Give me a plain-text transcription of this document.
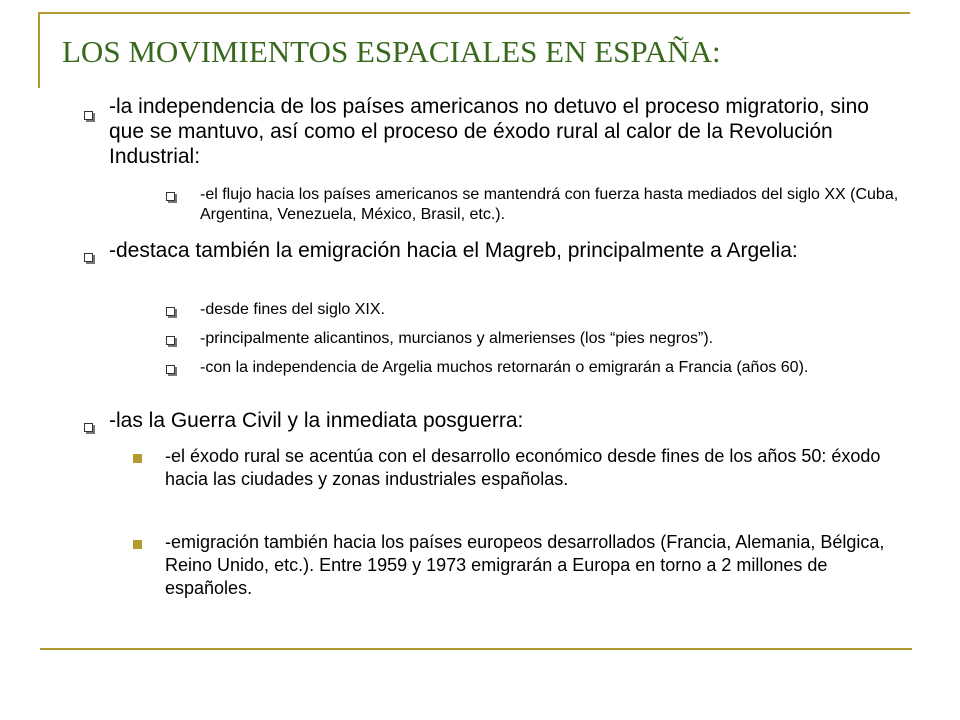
LOS MOVIMIENTOS ESPACIALES EN ESPAÑA:
-la independencia de los países americanos no detuvo el proceso migratorio, sino que se mantuvo, así como el proceso de éxodo rural al calor de la Revolución Industrial:
-el flujo hacia los países americanos se mantendrá con fuerza hasta mediados del siglo XX (Cuba, Argentina, Venezuela, México, Brasil, etc.).
-destaca también la emigración hacia el Magreb, principalmente a Argelia:
-desde fines del siglo XIX.
-principalmente alicantinos, murcianos y almerienses (los “pies negros”).
-con la independencia de Argelia muchos retornarán o emigrarán a Francia (años 60).
-las la Guerra Civil y la inmediata posguerra:
-el éxodo rural se acentúa con el desarrollo económico desde fines de los años 50: éxodo hacia las ciudades y zonas industriales españolas.
-emigración también hacia los países europeos desarrollados (Francia, Alemania, Bélgica, Reino Unido, etc.). Entre 1959 y 1973 emigrarán a Europa en torno a 2 millones de españoles.
